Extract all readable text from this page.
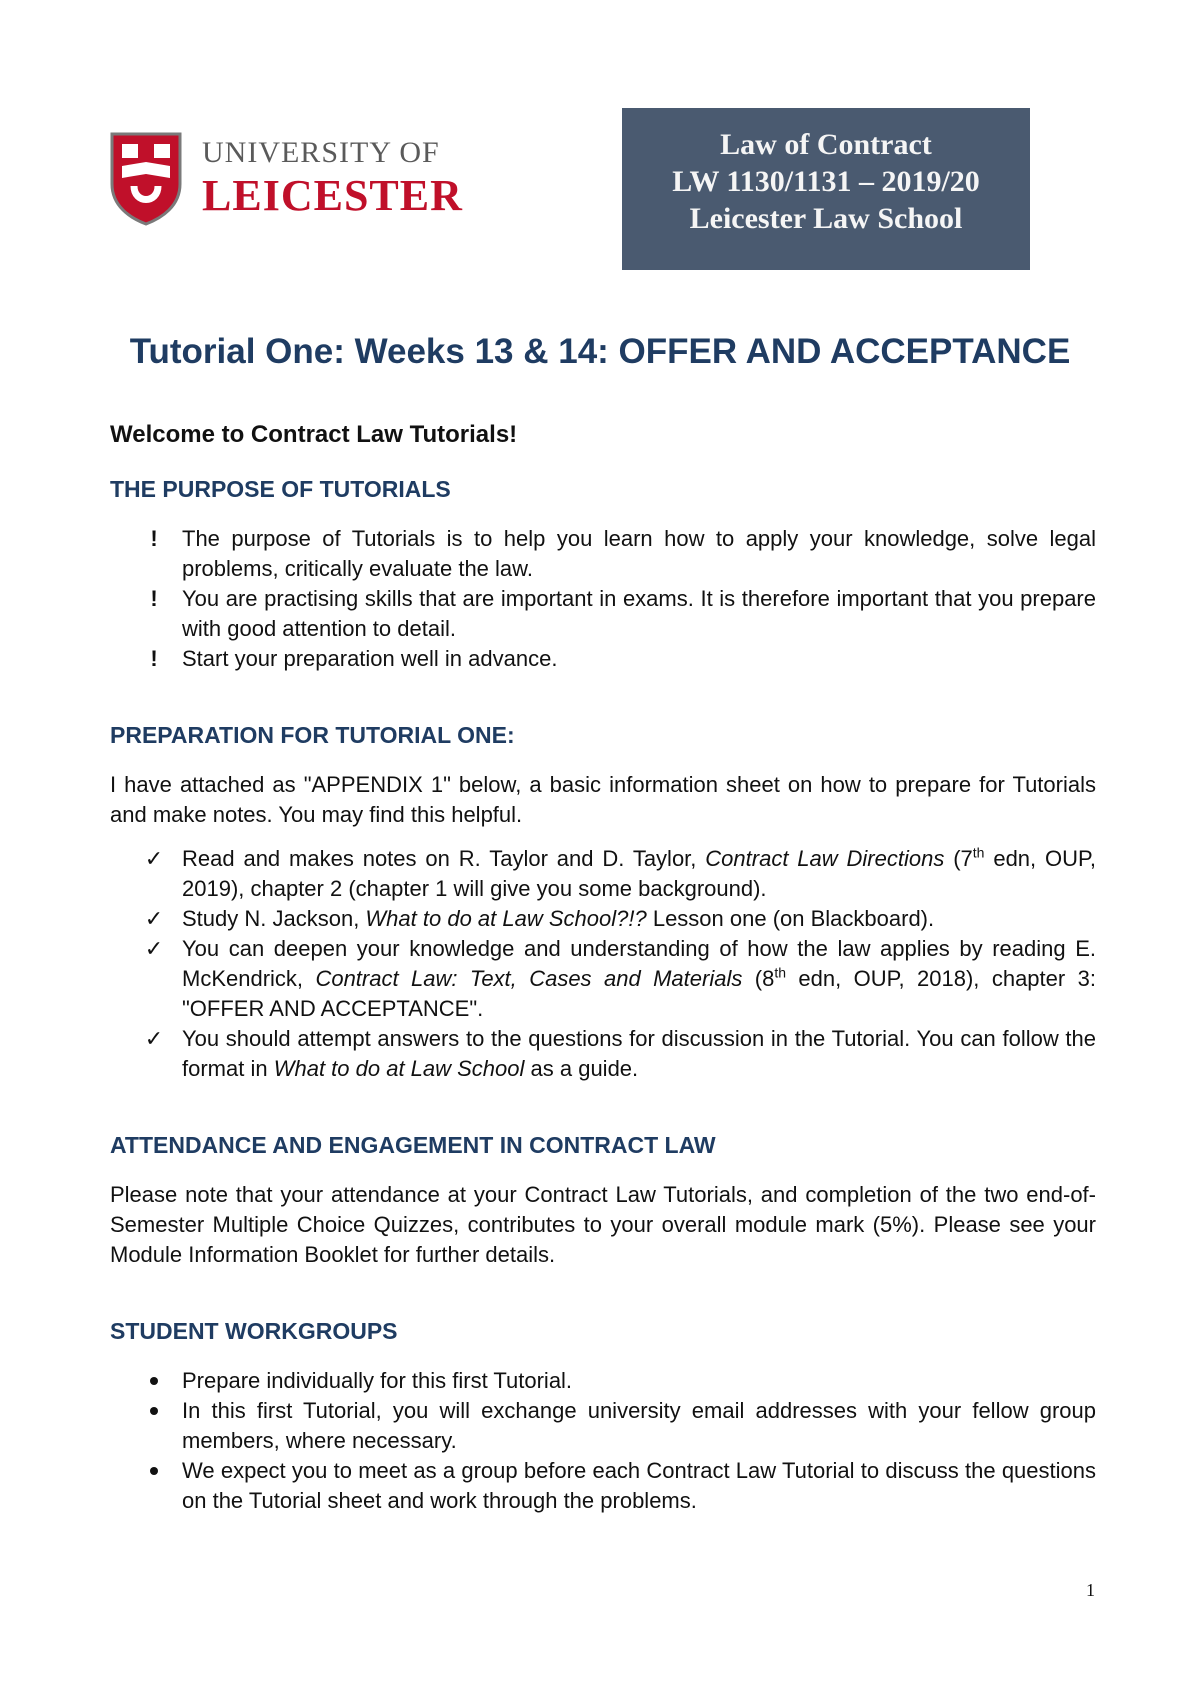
UNIVERSITY OF
LEICESTER
Law of Contract
LW 1130/1131 – 2019/20
Leicester Law School
Tutorial One: Weeks 13 & 14: OFFER AND ACCEPTANCE

Welcome to Contract Law Tutorials!

THE PURPOSE OF TUTORIALS
! The purpose of Tutorials is to help you learn how to apply your knowledge, solve legal problems, critically evaluate the law.
! You are practising skills that are important in exams. It is therefore important that you prepare with good attention to detail.
! Start your preparation well in advance.
PREPARATION FOR TUTORIAL ONE:

I have attached as "APPENDIX 1" below, a basic information sheet on how to prepare for Tutorials and make notes. You may find this helpful.

✓ Read and makes notes on R. Taylor and D. Taylor, Contract Law Directions (7th edn, OUP, 2019), chapter 2 (chapter 1 will give you some background).
✓ Study N. Jackson, What to do at Law School?!? Lesson one (on Blackboard).
✓ You can deepen your knowledge and understanding of how the law applies by reading E. McKendrick, Contract Law: Text, Cases and Materials (8th edn, OUP, 2018), chapter 3: "OFFER AND ACCEPTANCE".
✓ You should attempt answers to the questions for discussion in the Tutorial. You can follow the format in What to do at Law School as a guide.
ATTENDANCE AND ENGAGEMENT IN CONTRACT LAW

Please note that your attendance at your Contract Law Tutorials, and completion of the two end-of-Semester Multiple Choice Quizzes, contributes to your overall module mark (5%). Please see your Module Information Booklet for further details.

STUDENT WORKGROUPS
Prepare individually for this first Tutorial.
In this first Tutorial, you will exchange university email addresses with your fellow group members, where necessary.
We expect you to meet as a group before each Contract Law Tutorial to discuss the questions on the Tutorial sheet and work through the problems.
1
